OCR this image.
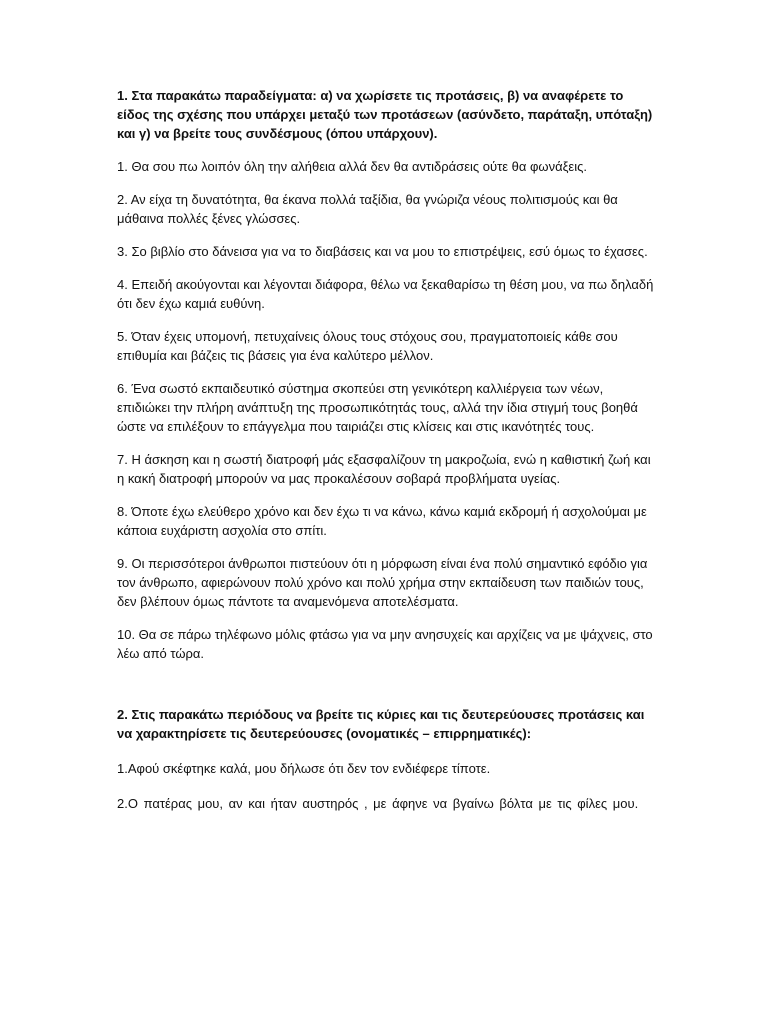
1. Στα παρακάτω παραδείγματα: α) να χωρίσετε τις προτάσεις, β) να αναφέρετε το είδος της σχέσης που υπάρχει μεταξύ των προτάσεων (ασύνδετο, παράταξη, υπόταξη) και γ) να βρείτε τους συνδέσμους (όπου υπάρχουν).

1. Θα σου πω λοιπόν όλη την αλήθεια αλλά δεν θα αντιδράσεις ούτε θα φωνάξεις.

2. Αν είχα τη δυνατότητα, θα έκανα πολλά ταξίδια, θα γνώριζα νέους πολιτισμούς και θα μάθαινα πολλές ξένες γλώσσες.

3. Σο βιβλίο στο δάνεισα για να το διαβάσεις και να μου το επιστρέψεις, εσύ όμως το έχασες.

4. Επειδή ακούγονται και λέγονται διάφορα, θέλω να ξεκαθαρίσω τη θέση μου, να πω δηλαδή ότι δεν έχω καμιά ευθύνη.

5. Όταν έχεις υπομονή, πετυχαίνεις όλους τους στόχους σου, πραγματοποιείς κάθε σου επιθυμία και βάζεις τις βάσεις για ένα καλύτερο μέλλον.

6. Ένα σωστό εκπαιδευτικό σύστημα σκοπεύει στη γενικότερη καλλιέργεια των νέων, επιδιώκει την πλήρη ανάπτυξη της προσωπικότητάς τους, αλλά την ίδια στιγμή τους βοηθά ώστε να επιλέξουν το επάγγελμα που ταιριάζει στις κλίσεις και στις ικανότητές τους.

7. Η άσκηση και η σωστή διατροφή μάς εξασφαλίζουν τη μακροζωία, ενώ η καθιστική ζωή και η κακή διατροφή μπορούν να μας προκαλέσουν σοβαρά προβλήματα υγείας.

8. Όποτε έχω ελεύθερο χρόνο και δεν έχω τι να κάνω, κάνω καμιά εκδρομή ή ασχολούμαι με κάποια ευχάριστη ασχολία στο σπίτι.

9. Οι περισσότεροι άνθρωποι πιστεύουν ότι η μόρφωση είναι ένα πολύ σημαντικό εφόδιο για τον άνθρωπο, αφιερώνουν πολύ χρόνο και πολύ χρήμα στην εκπαίδευση των παιδιών τους, δεν βλέπουν όμως πάντοτε τα αναμενόμενα αποτελέσματα.

10. Θα σε πάρω τηλέφωνο μόλις φτάσω για να μην ανησυχείς και αρχίζεις να με ψάχνεις, στο λέω από τώρα.

2. Στις παρακάτω περιόδους να βρείτε τις κύριες και τις δευτερεύουσες προτάσεις και να χαρακτηρίσετε τις δευτερεύουσες (ονοματικές – επιρρηματικές):

1.Αφού σκέφτηκε καλά, μου δήλωσε ότι δεν τον ενδιέφερε τίποτε.

2.Ο πατέρας μου, αν και ήταν αυστηρός , με άφηνε να βγαίνω βόλτα με τις φίλες μου.
